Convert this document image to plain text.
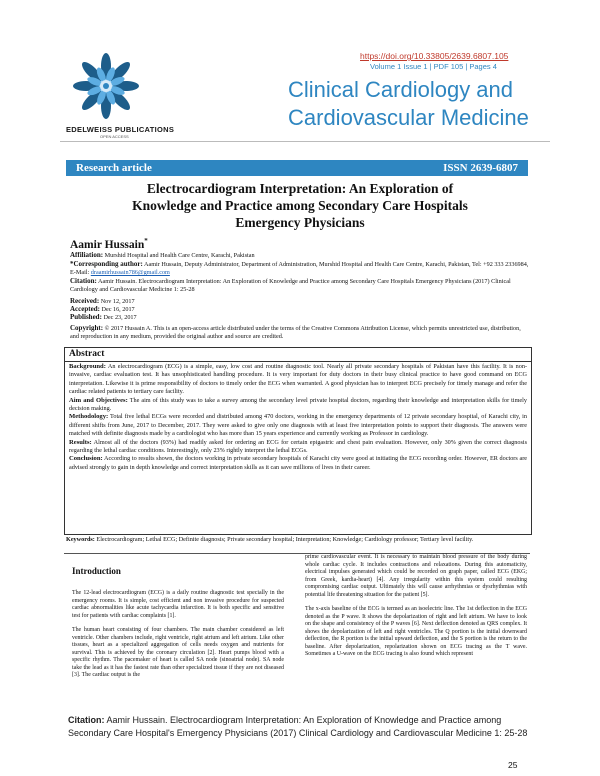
https://doi.org/10.33805/2639.6807.105
Volume 1 Issue 1 | PDF 105 | Pages 4
Clinical Cardiology and
Cardiovascular Medicine
EDELWEISS PUBLICATIONS
OPEN ACCESS
Research article	ISSN 2639-6807
Electrocardiogram Interpretation: An Exploration of
Knowledge and Practice among Secondary Care Hospitals
Emergency Physicians
Aamir Hussain*
Affiliation: Murshid Hospital and Health Care Centre, Karachi, Pakistan
*Corresponding author: Aamir Hussain, Deputy Administrator, Department of Administration, Murshid Hospital and Health Care Centre, Karachi, Pakistan, Tel: +92 333 2336984, E-Mail: draamirhussain786@gmail.com
Citation: Aamir Hussain. Electrocardiogram Interpretation: An Exploration of Knowledge and Practice among Secondary Care Hospitals Emergency Physicians (2017) Clinical Cardiology and Cardiovascular Medicine 1: 25-28
Received: Nov 12, 2017
Accepted: Dec 16, 2017
Published: Dec 23, 2017
Copyright: © 2017 Hussain A. This is an open-access article distributed under the terms of the Creative Commons Attribution License, which permits unrestricted use, distribution, and reproduction in any medium, provided the original author and source are credited.
Abstract

Background: An electrocardiogram (ECG) is a simple, easy, low cost and routine diagnostic tool. Nearly all private secondary hospitals of Pakistan have this facility. It is non-invasive, cardiac evaluation test. It has unsophisticated handling procedure. It is very important for duty doctors in their busy clinical practice to have good command on ECG interpretation. Likewise it is prime responsibility of doctors to timely order the ECG when warranted. A good physician has to interpret ECG precisely for timely manage and refer the cardiac related patients to tertiary care facility.

Aim and Objectives: The aim of this study was to take a survey among the secondary level private hospital doctors, regarding their knowledge and interpretation skills for timely decision making.

Methodology: Total five lethal ECGs were recorded and distributed among 470 doctors, working in the emergency departments of 12 private secondary hospital, of Karachi city, in different shifts from June, 2017 to December, 2017. They were asked to give only one diagnosis with at least five interpretation points to support their diagnosis. The answers were matched with definite diagnosis made by a cardiologist who has more than 15 years experience and currently working as Professor in cardiology.

Results: Almost all of the doctors (93%) had readily asked for ordering an ECG for certain epigastric and chest pain evaluation. However, only 30% given the correct diagnosis regarding the lethal cardiac conditions. Interestingly, only 23% rightly interpret the lethal ECGs.

Conclusion: According to results shown, the doctors working in private secondary hospitals of Karachi city were good at initiating the ECG recording order. However, ER doctors are advised strongly to gain in depth knowledge and correct interpretation skills as it can save millions of lives in their career.

Keywords: Electrocardiogram; Lethal ECG; Definite diagnosis; Private secondary hospital; Interpretation; Knowledge; Cardiology professor; Tertiary level facility.
Introduction

The 12-lead electrocardiogram (ECG) is a daily routine diagnostic test specially in the emergency rooms. It is simple, cost efficient and non invasive procedure for suspected cardiac abnormalities like acute tachycardia infarction. It is both specific and sensitive test for patients with cardiac complaints [1].

The human heart consisting of four chambers. The main chamber considered as left ventricle. Other chambers include, right ventricle, right atrium and left atrium. Like other tissues, heart as a specialized aggregation of cells needs oxygen and nutrients for survival. This is achieved by the coronary circulation [2]. Heart pumps blood with a specific rhythm. The pacemaker of heart is called SA node (sinoatrial node). SA node take the lead as it has the fastest rate than other specialized tissue if they are not diseased [3]. The cardiac output is the

prime cardiovascular event. It is necessary to maintain blood pressure of the body during whole cardiac cycle. It includes contractions and relaxations. During this automaticity, electrical impulses generated which could be recorded on graph paper, called ECG (EKG; from Greek, kardia-heart) [4]. Any irregularity within this system could resulting compromising cardiac output. Ultimately this will cause arrhythmias or dysrhythmias with potential life threatening situation for the patient [5].

The x-axis baseline of the ECG is termed as an isoelectric line. The 1st deflection in the ECG denoted as the P wave. It shows the depolarization of right and left atrium. We have to look on the shape and consistency of the P waves [6]. Next deflection denoted as QRS complex. It shows the depolarization of left and right ventricles. The Q portion is the initial downward deflection, the R portion is the initial upward deflection, and the S portion is the return to the baseline. After depolarization, repolarization shown on ECG tracing as the T wave. Sometimes a U-wave on the ECG tracing is also found which represent

Citation: Aamir Hussain. Electrocardiogram Interpretation: An Exploration of Knowledge and Practice among Secondary Care Hospital's Emergency Physicians (2017) Clinical Cardiology and Cardiovascular Medicine 1: 25-28
25
